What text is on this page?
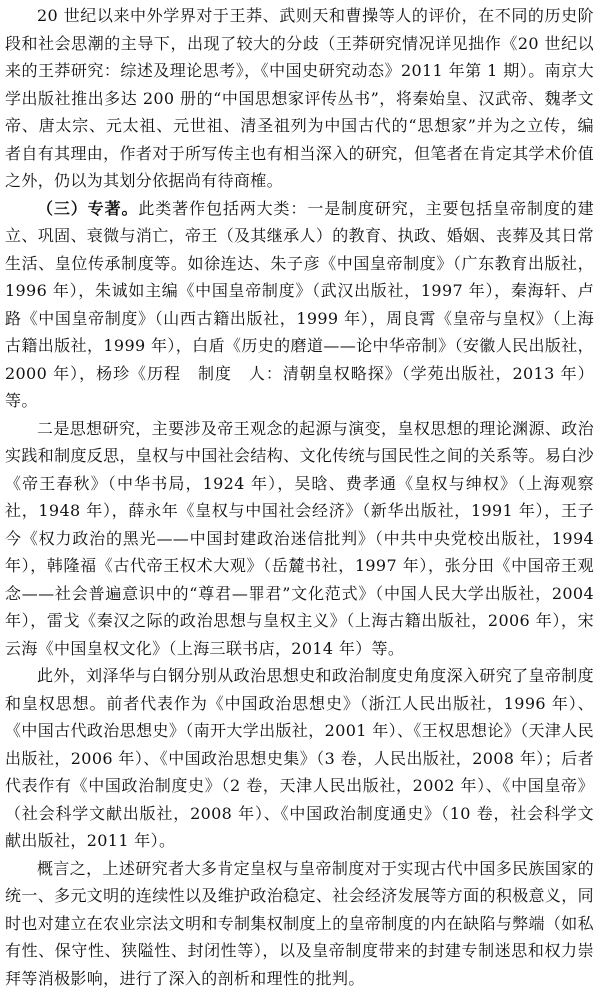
20 世纪以来中外学界对于王莽、武则天和曹操等人的评价，在不同的历史阶段和社会思潮的主导下，出现了较大的分歧（王莽研究情况详见拙作《20 世纪以来的王莽研究：综述及理论思考》，《中国史研究动态》2011 年第 1 期）。南京大学出版社推出多达 200 册的“中国思想家评传丛书”，将秦始皇、汉武帝、魏孝文帝、唐太宗、元太祖、元世祖、清圣祖列为中国古代的“思想家”并为之立传，编者自有其理由，作者对于所写传主也有相当深入的研究，但笔者在肯定其学术价值之外，仍以为其划分依据尚有待商榷。

（三）专著。此类著作包括两大类：一是制度研究，主要包括皇帝制度的建立、巩固、衰微与消亡，帝王（及其继承人）的教育、执政、婚姻、丧葬及其日常生活、皇位传承制度等。如徐连达、朱子彦《中国皇帝制度》（广东教育出版社，1996 年），朱诚如主编《中国皇帝制度》（武汉出版社，1997 年），秦海轩、卢路《中国皇帝制度》（山西古籍出版社，1999 年），周良霄《皇帝与皇权》（上海古籍出版社，1999 年），白盾《历史的磨道——论中华帝制》（安徽人民出版社，2000 年），杨珍《历程　制度　人：清朝皇权略探》（学苑出版社，2013 年）等。

二是思想研究，主要涉及帝王观念的起源与演变，皇权思想的理论渊源、政治实践和制度反思，皇权与中国社会结构、文化传统与国民性之间的关系等。易白沙《帝王春秋》（中华书局，1924 年），吴晗、费孝通《皇权与绅权》（上海观察社，1948 年），薛永年《皇权与中国社会经济》（新华出版社，1991 年），王子今《权力政治的黑光——中国封建政治迷信批判》（中共中央党校出版社，1994 年），韩隆福《古代帝王权术大观》（岳麓书社，1997 年），张分田《中国帝王观念——社会普遍意识中的“尊君—罪君”文化范式》（中国人民大学出版社，2004 年），雷戈《秦汉之际的政治思想与皇权主义》（上海古籍出版社，2006 年），宋云海《中国皇权文化》（上海三联书店，2014 年）等。

此外，刘泽华与白钢分别从政治思想史和政治制度史角度深入研究了皇帝制度和皇权思想。前者代表作为《中国政治思想史》（浙江人民出版社，1996 年）、《中国古代政治思想史》（南开大学出版社，2001 年）、《王权思想论》（天津人民出版社，2006 年）、《中国政治思想史集》（3 卷，人民出版社，2008 年）；后者代表作有《中国政治制度史》（2 卷，天津人民出版社，2002 年）、《中国皇帝》（社会科学文献出版社，2008 年）、《中国政治制度通史》（10 卷，社会科学文献出版社，2011 年）。

概言之，上述研究者大多肯定皇权与皇帝制度对于实现古代中国多民族国家的统一、多元文明的连续性以及维护政治稳定、社会经济发展等方面的积极意义，同时也对建立在农业宗法文明和专制集权制度上的皇帝制度的内在缺陷与弊端（如私有性、保守性、狭隘性、封闭性等），以及皇帝制度带来的封建专制迷思和权力崇拜等消极影响，进行了深入的剖析和理性的批判。
